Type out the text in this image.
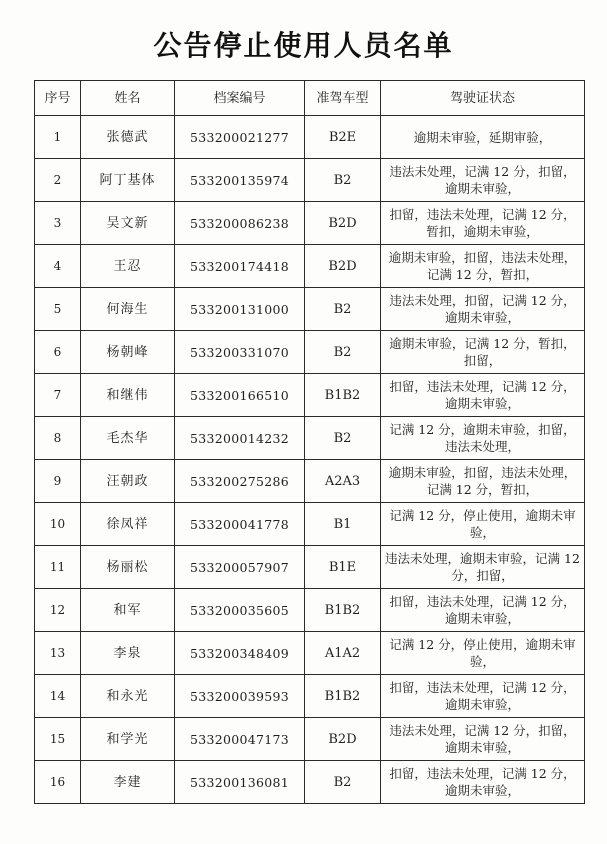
公告停止使用人员名单
序号	姓名	档案编号	准驾车型	驾驶证状态
1	张德武	533200021277	B2E	逾期未审验，延期审验，
2	阿丁基体	533200135974	B2	违法未处理，记满 12 分，扣留，逾期未审验，
3	吴文新	533200086238	B2D	扣留，违法未处理，记满 12 分，暂扣，逾期未审验，
4	王忍	533200174418	B2D	逾期未审验，扣留，违法未处理，记满 12 分，暂扣，
5	何海生	533200131000	B2	违法未处理，扣留，记满 12 分，逾期未审验，
6	杨朝峰	533200331070	B2	逾期未审验，记满 12 分，暂扣，扣留，
7	和继伟	533200166510	B1B2	扣留，违法未处理，记满 12 分，逾期未审验，
8	毛杰华	533200014232	B2	记满 12 分，逾期未审验，扣留，违法未处理，
9	汪朝政	533200275286	A2A3	逾期未审验，扣留，违法未处理，记满 12 分，暂扣，
10	徐凤祥	533200041778	B1	记满 12 分，停止使用，逾期未审验，
11	杨丽松	533200057907	B1E	违法未处理，逾期未审验，记满 12 分，扣留，
12	和军	533200035605	B1B2	扣留，违法未处理，记满 12 分，逾期未审验，
13	李泉	533200348409	A1A2	记满 12 分，停止使用，逾期未审验，
14	和永光	533200039593	B1B2	扣留，违法未处理，记满 12 分，逾期未审验，
15	和学光	533200047173	B2D	违法未处理，记满 12 分，扣留，逾期未审验，
16	李建	533200136081	B2	扣留，违法未处理，记满 12 分，逾期未审验，
